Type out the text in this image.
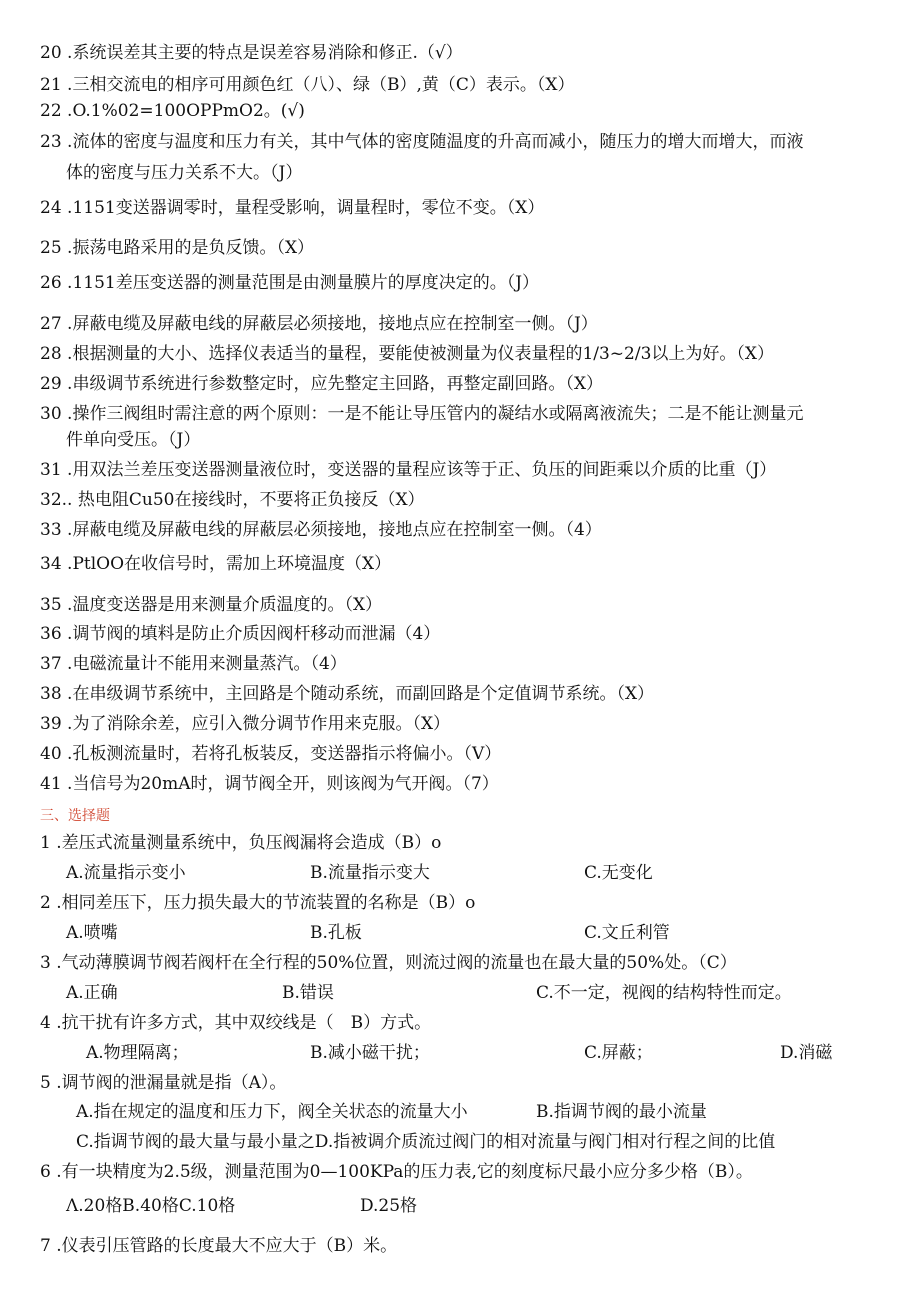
20 .系统误差其主要的特点是误差容易消除和修正.（√）
21 .三相交流电的相序可用颜色红（八）、绿（B）,黄（C）表示。（X）
22 .O.1%02=100OPPmO2。(√)
23 .流体的密度与温度和压力有关，其中气体的密度随温度的升高而减小，随压力的增大而增大，而液
体的密度与压力关系不大。（J）
24 .1151变送器调零时，量程受影响，调量程时，零位不变。（X）
25 .振荡电路采用的是负反馈。（X）
26 .1151差压变送器的测量范围是由测量膜片的厚度决定的。（J）
27 .屏蔽电缆及屏蔽电线的屏蔽层必须接地，接地点应在控制室一侧。（J）
28 .根据测量的大小、选择仪表适当的量程，要能使被测量为仪表量程的1/3~2/3以上为好。（X）
29 .串级调节系统进行参数整定时，应先整定主回路，再整定副回路。（X）
30 .操作三阀组时需注意的两个原则：一是不能让导压管内的凝结水或隔离液流失；二是不能让测量元
件单向受压。（J）
31 .用双法兰差压变送器测量液位时，变送器的量程应该等于正、负压的间距乘以介质的比重（J）
32.. 热电阻Cu50在接线时，不要将正负接反（X）
33 .屏蔽电缆及屏蔽电线的屏蔽层必须接地，接地点应在控制室一侧。（4）
34 .PtlOO在收信号时，需加上环境温度（X）
35 .温度变送器是用来测量介质温度的。（X）
36 .调节阀的填料是防止介质因阀杆移动而泄漏（4）
37 .电磁流量计不能用来测量蒸汽。（4）
38 .在串级调节系统中，主回路是个随动系统，而副回路是个定值调节系统。（X）
39 .为了消除余差，应引入微分调节作用来克服。（X）
40 .孔板测流量时，若将孔板装反，变送器指示将偏小。（V）
41 .当信号为20mA时，调节阀全开，则该阀为气开阀。（7）
三、选择题
1 .差压式流量测量系统中，负压阀漏将会造成（B）o
A.流量指示变小	B.流量指示变大	C.无变化
2 .相同差压下，压力损失最大的节流装置的名称是（B）o
A.喷嘴	B.孔板	C.文丘利管
3 .气动薄膜调节阀若阀杆在全行程的50%位置，则流过阀的流量也在最大量的50%处。（C）
A.正确	B.错误	C.不一定，视阀的结构特性而定。
4 .抗干扰有许多方式，其中双绞线是（　B）方式。
A.物理隔离；	B.减小磁干扰；	C.屏蔽；	D.消磁
5 .调节阀的泄漏量就是指（A）。
A.指在规定的温度和压力下，阀全关状态的流量大小	B.指调节阀的最小流量
C.指调节阀的最大量与最小量之D.指被调介质流过阀门的相对流量与阀门相对行程之间的比值
6 .有一块精度为2.5级，测量范围为0—100KPa的压力表,它的刻度标尺最小应分多少格（B）。
Λ.20格B.40格C.10格	D.25格
7 .仪表引压管路的长度最大不应大于（B）米。
